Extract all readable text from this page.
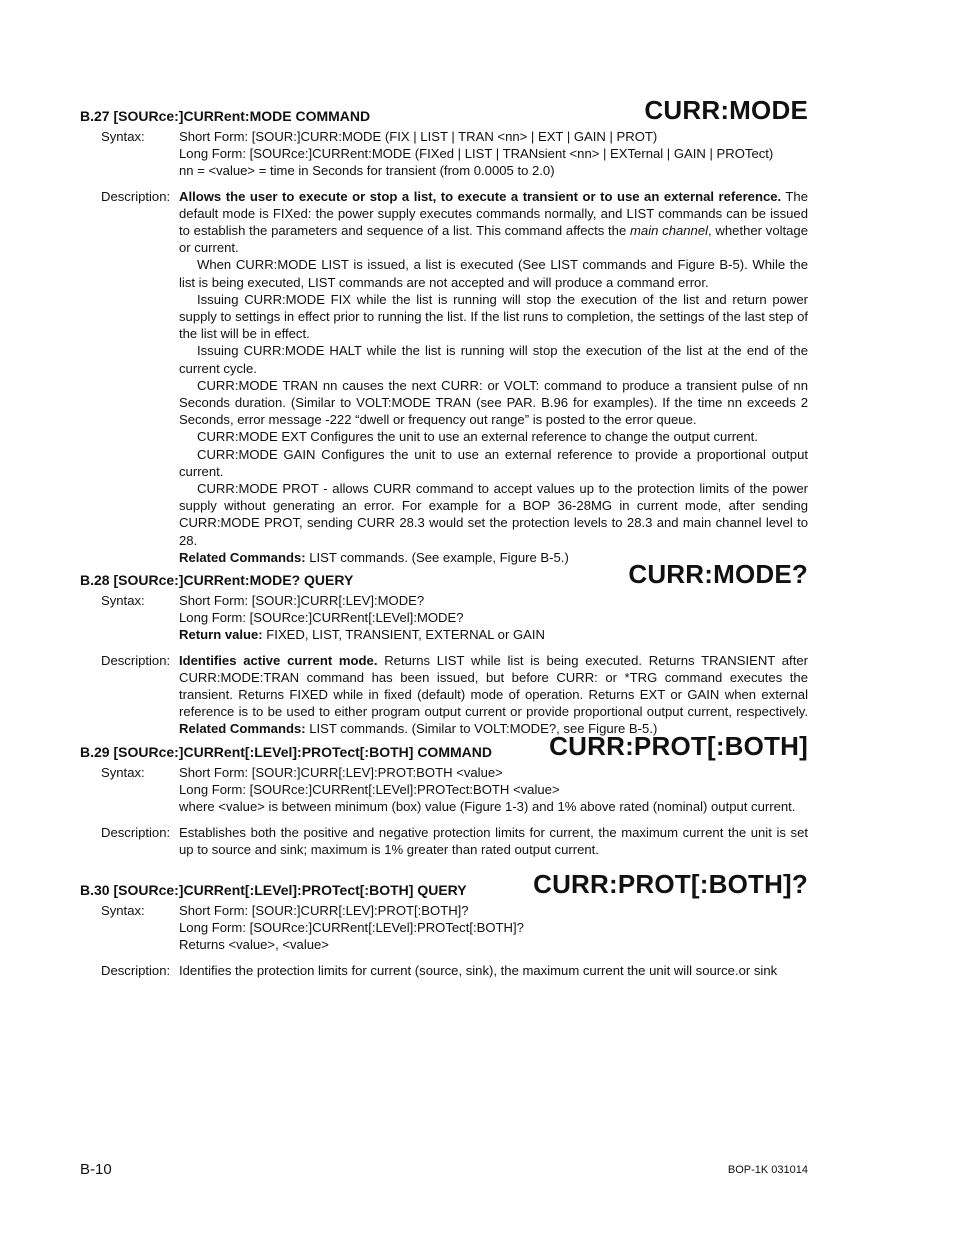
B.27 [SOURce:]CURRent:MODE COMMAND	CURR:MODE
Syntax:	Short Form: [SOUR:]CURR:MODE (FIX | LIST | TRAN <nn> | EXT | GAIN | PROT)

Long Form: [SOURce:]CURRent:MODE (FIXed | LIST | TRANsient <nn> | EXTernal | GAIN | PROTect)

nn = <value> = time in Seconds for transient (from 0.0005 to 2.0)

Description: Allows the user to execute or stop a list, to execute a transient or to use an external reference. The default mode is FIXed: the power supply executes commands normally, and LIST commands can be issued to establish the parameters and sequence of a list. This command affects the main channel, whether voltage or current.

When CURR:MODE LIST is issued, a list is executed (See LIST commands and Figure B-5). While the list is being executed, LIST commands are not accepted and will produce a command error.

Issuing CURR:MODE FIX while the list is running will stop the execution of the list and return power supply to settings in effect prior to running the list. If the list runs to completion, the settings of the last step of the list will be in effect.

Issuing CURR:MODE HALT while the list is running will stop the execution of the list at the end of the current cycle.

CURR:MODE TRAN nn causes the next CURR: or VOLT: command to produce a transient pulse of nn Seconds duration. (Similar to VOLT:MODE TRAN (see PAR. B.96 for examples). If the time nn exceeds 2 Seconds, error message -222 “dwell or frequency out range” is posted to the error queue.

CURR:MODE EXT Configures the unit to use an external reference to change the output current.

CURR:MODE GAIN Configures the unit to use an external reference to provide a proportional output current.

CURR:MODE PROT - allows CURR command to accept values up to the protection limits of the power supply without generating an error. For example for a BOP 36-28MG in current mode, after sending CURR:MODE PROT, sending CURR 28.3 would set the protection levels to 28.3 and main channel level to 28.

Related Commands: LIST commands. (See example, Figure B-5.)

B.28 [SOURce:]CURRent:MODE? QUERY	CURR:MODE?
Syntax:	Short Form: [SOUR:]CURR[:LEV]:MODE?

Long Form: [SOURce:]CURRent[:LEVel]:MODE?

Return value: FIXED, LIST, TRANSIENT, EXTERNAL or GAIN

Description: Identifies active current mode. Returns LIST while list is being executed. Returns TRANSIENT after CURR:MODE:TRAN command has been issued, but before CURR: or *TRG command executes the transient. Returns FIXED while in fixed (default) mode of operation. Returns EXT or GAIN when external reference is to be used to either program output current or provide proportional output current, respectively. Related Commands: LIST commands. (Similar to VOLT:MODE?, see Figure B-5.)

B.29 [SOURce:]CURRent[:LEVel]:PROTect[:BOTH] COMMAND CURR:PROT[:BOTH]
Syntax:	Short Form: [SOUR:]CURR[:LEV]:PROT:BOTH <value>

Long Form: [SOURce:]CURRent[:LEVel]:PROTect:BOTH <value>

where <value> is between minimum (box) value (Figure 1-3) and 1% above rated (nominal) output current.

Description: Establishes both the positive and negative protection limits for current, the maximum current the unit is set up to source and sink; maximum is 1% greater than rated output current.

B.30 [SOURce:]CURRent[:LEVel]:PROTect[:BOTH] QUERY	CURR:PROT[:BOTH]?
Syntax:	Short Form: [SOUR:]CURR[:LEV]:PROT[:BOTH]?

Long Form: [SOURce:]CURRent[:LEVel]:PROTect[:BOTH]?

Returns <value>, <value>

Description: Identifies the protection limits for current (source, sink), the maximum current the unit will source.or sink

B-10	BOP-1K 031014
